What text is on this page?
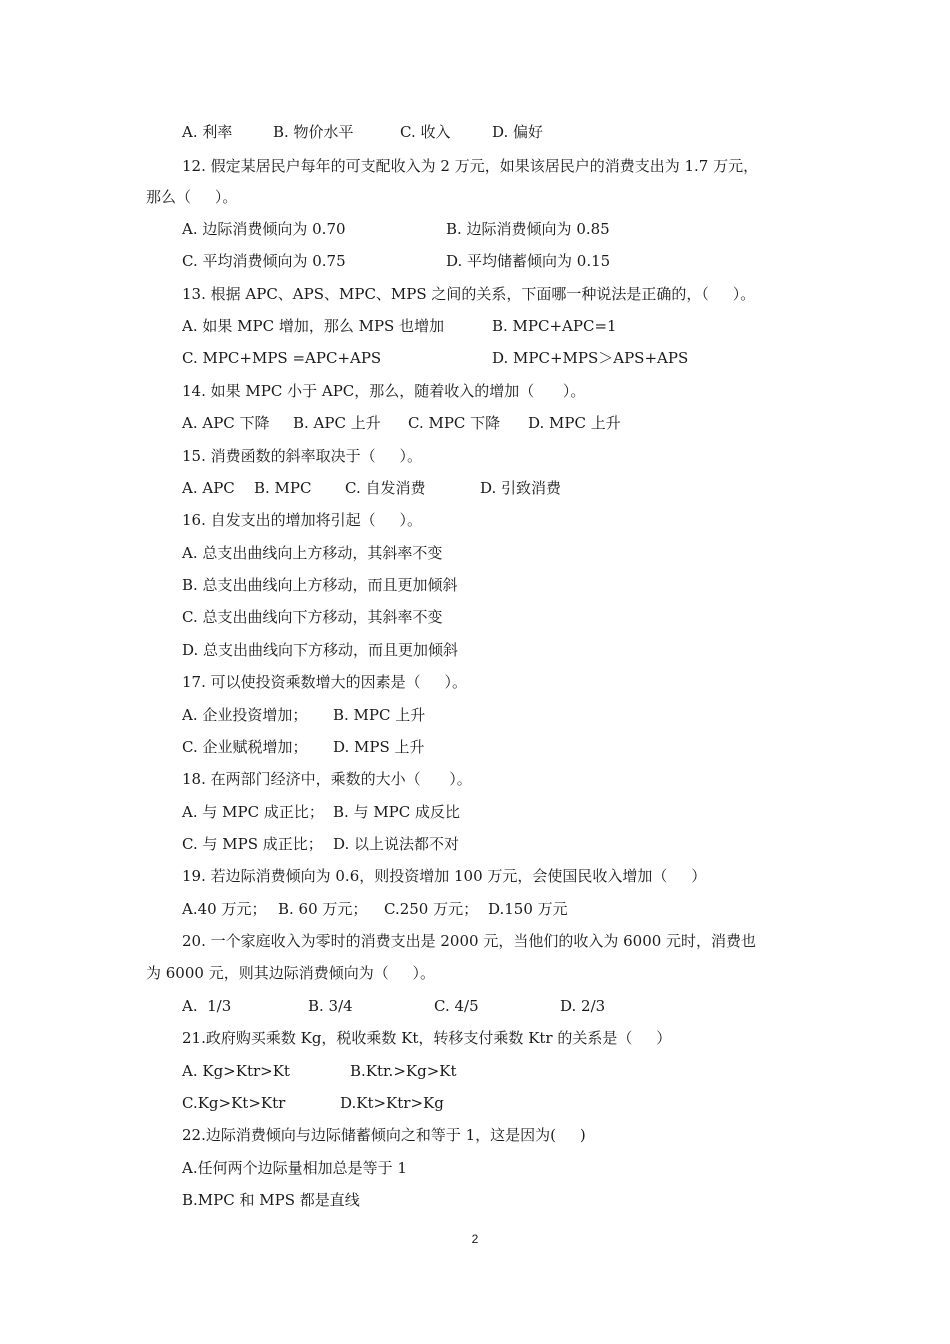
A. 利率	B. 物价水平	C. 收入	D. 偏好
12. 假定某居民户每年的可支配收入为 2 万元，如果该居民户的消费支出为 1.7 万元，
那么（     ）。
A. 边际消费倾向为 0.70	B. 边际消费倾向为 0.85
C. 平均消费倾向为 0.75	D. 平均储蓄倾向为 0.15
13. 根据 APC、APS、MPC、MPS 之间的关系，下面哪一种说法是正确的，（     ）。
A. 如果 MPC 增加，那么 MPS 也增加	B. MPC+APC=1
C. MPC+MPS =APC+APS	D. MPC+MPS＞APS+APS
14. 如果 MPC 小于 APC，那么，随着收入的增加（      ）。
A. APC 下降 B. APC 上升 C. MPC 下降 D. MPC 上升
15. 消费函数的斜率取决于（     ）。
A. APC B. MPC C. 自发消费	D. 引致消费
16. 自发支出的增加将引起（     ）。
A. 总支出曲线向上方移动，其斜率不变
B. 总支出曲线向上方移动，而且更加倾斜
C. 总支出曲线向下方移动，其斜率不变
D. 总支出曲线向下方移动，而且更加倾斜
17. 可以使投资乘数增大的因素是（     ）。
A. 企业投资增加； B. MPC 上升
C. 企业赋税增加； D. MPS 上升
18. 在两部门经济中，乘数的大小（      ）。
A. 与 MPC 成正比； B. 与 MPC 成反比
C. 与 MPS 成正比； D. 以上说法都不对
19. 若边际消费倾向为 0.6，则投资增加 100 万元，会使国民收入增加（     ）
A.40 万元； B. 60 万元； C.250 万元； D.150 万元
20. 一个家庭收入为零时的消费支出是 2000 元，当他们的收入为 6000 元时，消费也
为 6000 元，则其边际消费倾向为（     ）。
A.  1/3	B. 3/4	C. 4/5	D. 2/3
21.政府购买乘数 Kg，税收乘数 Kt，转移支付乘数 Ktr 的关系是（     ）
A. Kg>Ktr>Kt	B.Ktr.>Kg>Kt
C.Kg>Kt>Ktr	D.Kt>Ktr>Kg
22.边际消费倾向与边际储蓄倾向之和等于 1，这是因为(     )
A.任何两个边际量相加总是等于 1
B.MPC 和 MPS 都是直线
2
